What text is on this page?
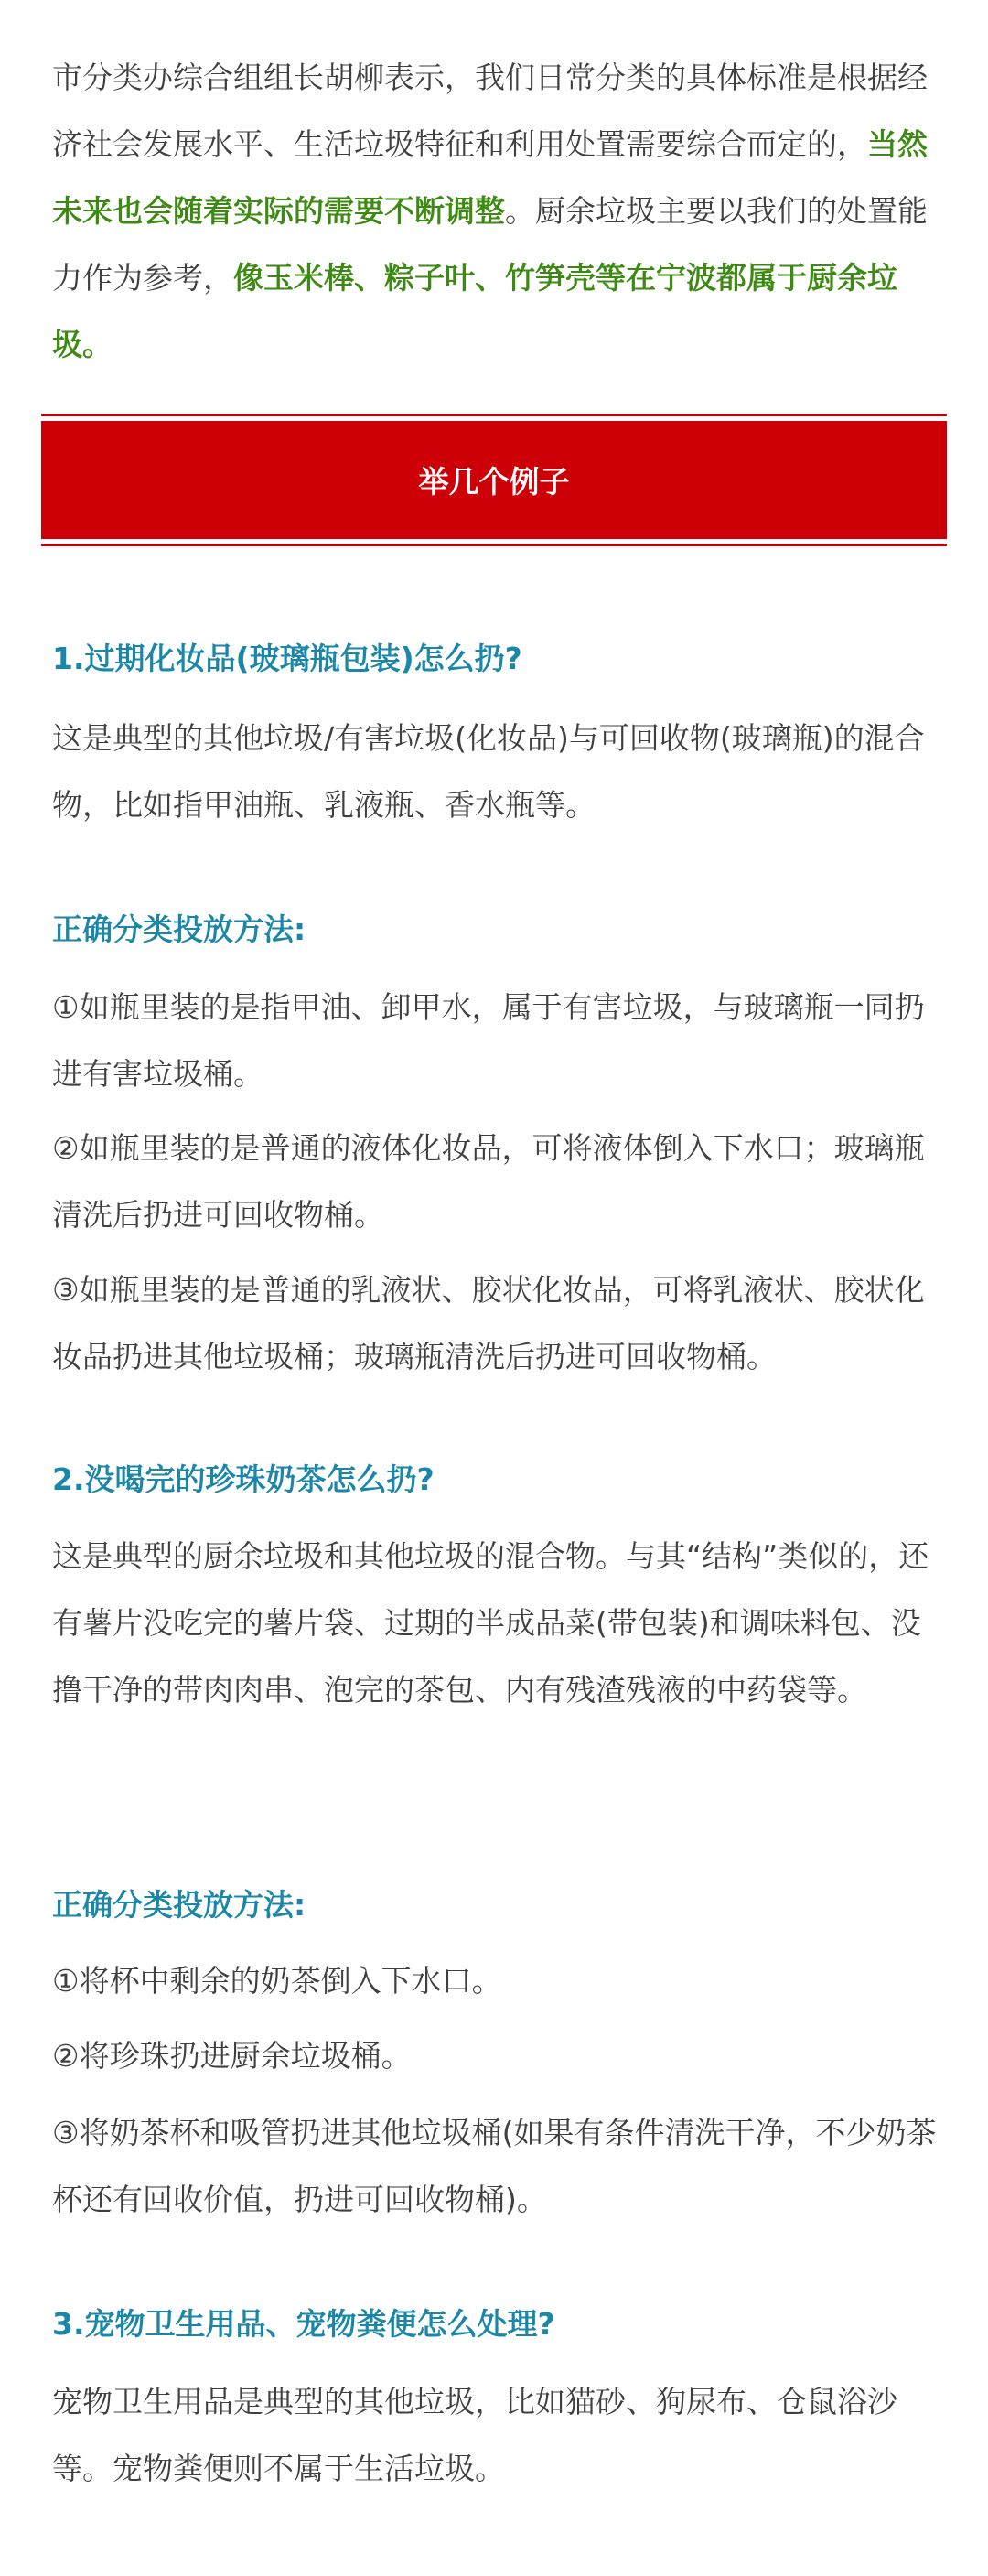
市分类办综合组组长胡柳表示，我们日常分类的具体标准是根据经济社会发展水平、生活垃圾特征和利用处置需要综合而定的，当然未来也会随着实际的需要不断调整。厨余垃圾主要以我们的处置能力作为参考，像玉米棒、粽子叶、竹笋壳等在宁波都属于厨余垃圾。

举几个例子
1.过期化妆品(玻璃瓶包装)怎么扔?

这是典型的其他垃圾/有害垃圾(化妆品)与可回收物(玻璃瓶)的混合物，比如指甲油瓶、乳液瓶、香水瓶等。

正确分类投放方法:

①如瓶里装的是指甲油、卸甲水，属于有害垃圾，与玻璃瓶一同扔进有害垃圾桶。

②如瓶里装的是普通的液体化妆品，可将液体倒入下水口；玻璃瓶清洗后扔进可回收物桶。

③如瓶里装的是普通的乳液状、胶状化妆品，可将乳液状、胶状化妆品扔进其他垃圾桶；玻璃瓶清洗后扔进可回收物桶。

2.没喝完的珍珠奶茶怎么扔?

这是典型的厨余垃圾和其他垃圾的混合物。与其“结构”类似的，还有薯片没吃完的薯片袋、过期的半成品菜(带包装)和调味料包、没撸干净的带肉肉串、泡完的茶包、内有残渣残液的中药袋等。

正确分类投放方法:

①将杯中剩余的奶茶倒入下水口。

②将珍珠扔进厨余垃圾桶。

③将奶茶杯和吸管扔进其他垃圾桶(如果有条件清洗干净，不少奶茶杯还有回收价值，扔进可回收物桶)。

3.宠物卫生用品、宠物粪便怎么处理?

宠物卫生用品是典型的其他垃圾，比如猫砂、狗尿布、仓鼠浴沙等。宠物粪便则不属于生活垃圾。
